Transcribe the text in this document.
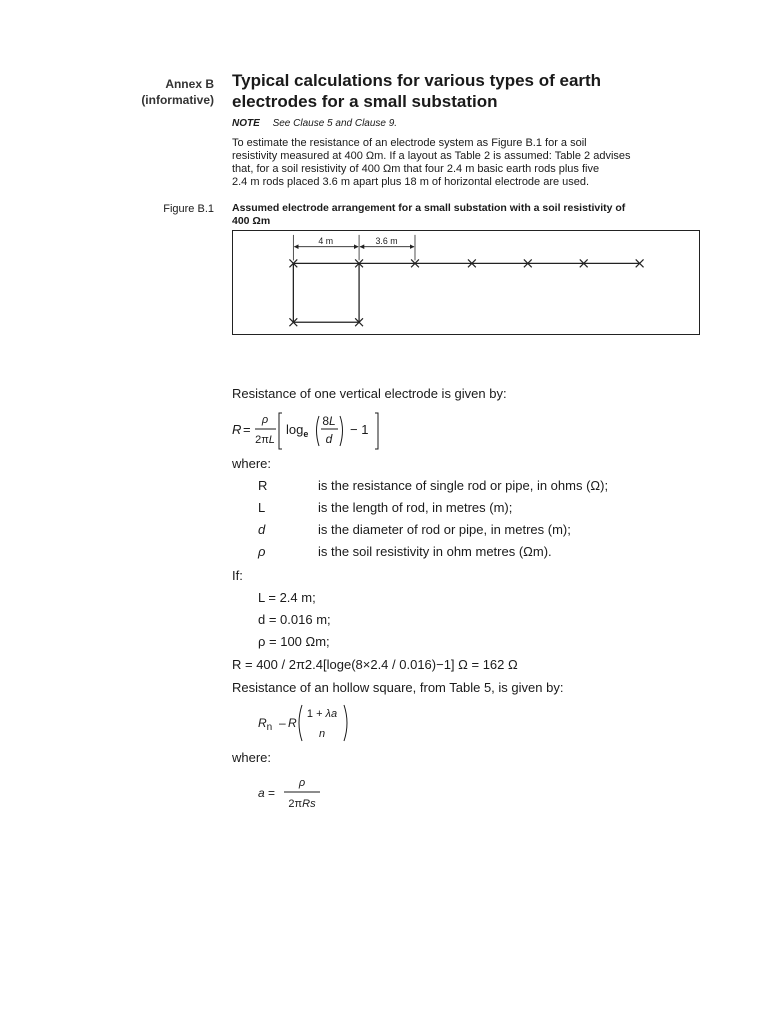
Annex B
(informative)
Typical calculations for various types of earth
electrodes for a small substation
NOTE See Clause 5 and Clause 9.
To estimate the resistance of an electrode system as Figure B.1 for a soil
resistivity measured at 400 Ωm. If a layout as Table 2 is assumed: Table 2 advises
that, for a soil resistivity of 400 Ωm that four 2.4 m basic earth rods plus five
2.4 m rods placed 3.6 m apart plus 18 m of horizontal electrode are used.
Figure B.1 Assumed electrode arrangement for a small substation with a soil resistivity of
400 Ωm
4 m	3.6 m
Resistance of one vertical electrode is given by:
R =
ρ
2πL
$\log_e$
8L
d
− 1
where:
R	is the resistance of single rod or pipe, in ohms (Ω);
L	is the length of rod, in metres (m);
d	is the diameter of rod or pipe, in metres (m);
ρ	is the soil resistivity in ohm metres (Ωm).
If:
L = 2.4 m;
d = 0.016 m;
ρ = 100 Ωm;
R = 400 / 2π2.4[loge(8×2.4 / 0.016)−1] Ω = 162 Ω
Resistance of an hollow square, from Table 5, is given by:
$R_n$ – R
1 + λa
n
where:
a =
ρ
2πRs
